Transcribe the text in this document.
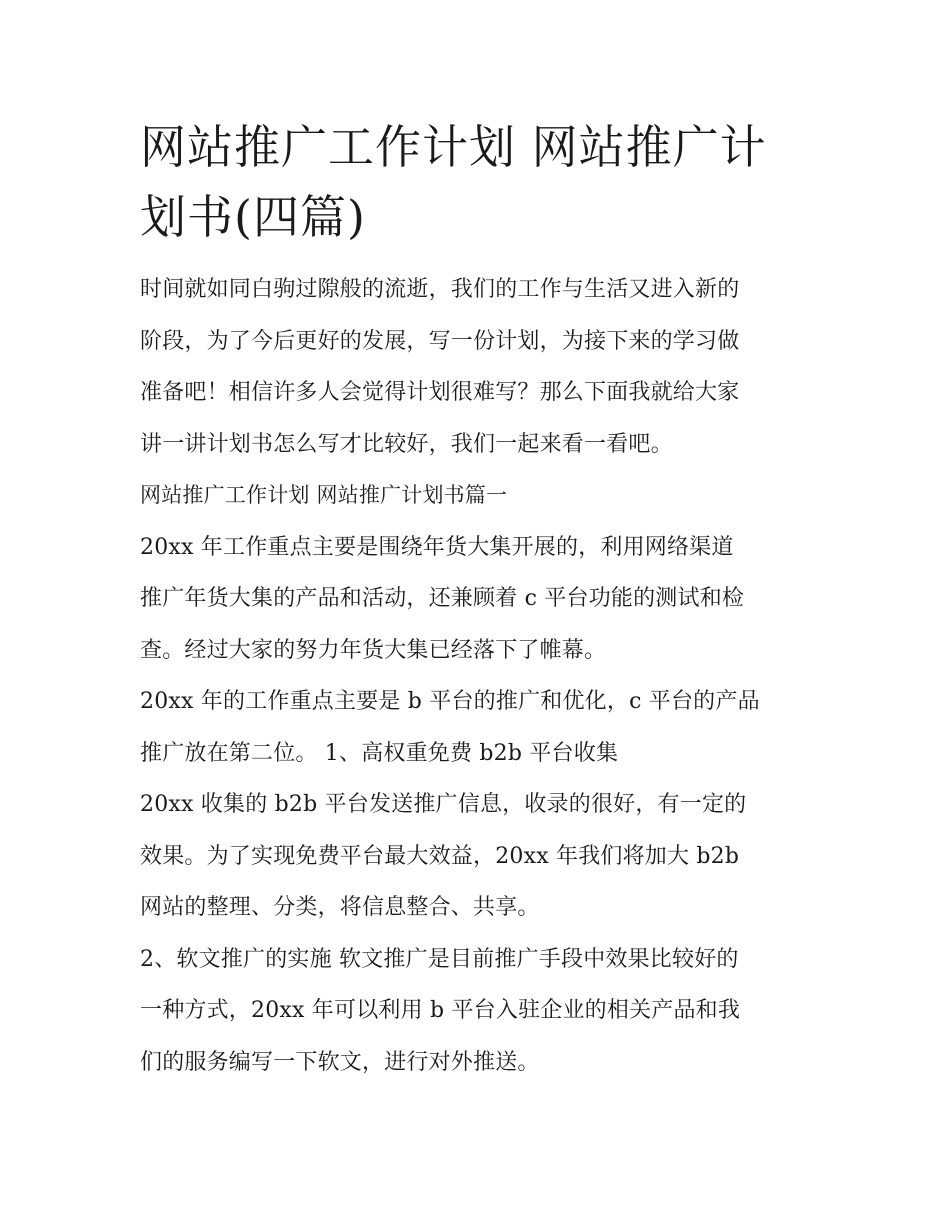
网站推广工作计划 网站推广计
划书(四篇)
时间就如同白驹过隙般的流逝，我们的工作与生活又进入新的
阶段，为了今后更好的发展，写一份计划，为接下来的学习做
准备吧！相信许多人会觉得计划很难写？那么下面我就给大家
讲一讲计划书怎么写才比较好，我们一起来看一看吧。
网站推广工作计划 网站推广计划书篇一
20xx 年工作重点主要是围绕年货大集开展的，利用网络渠道
推广年货大集的产品和活动，还兼顾着 c 平台功能的测试和检
查。经过大家的努力年货大集已经落下了帷幕。
20xx 年的工作重点主要是 b 平台的推广和优化，c 平台的产品
推广放在第二位。 1、高权重免费 b2b 平台收集
20xx 收集的 b2b 平台发送推广信息，收录的很好，有一定的
效果。为了实现免费平台最大效益，20xx 年我们将加大 b2b
网站的整理、分类，将信息整合、共享。
2、软文推广的实施 软文推广是目前推广手段中效果比较好的
一种方式，20xx 年可以利用 b 平台入驻企业的相关产品和我
们的服务编写一下软文，进行对外推送。
